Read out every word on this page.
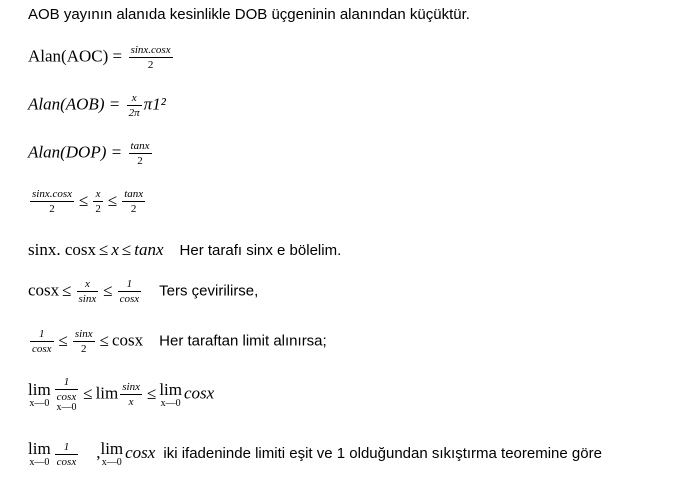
AOB yayının alanıda kesinlikle DOB üçgeninin alanından küçüktür.
Alan(AOC) = $\frac{\sin x.\cos x}{2}$
Alan(AOB) = $\frac{x}{2\pi} \pi 1^2$
Alan(DOP) = $\frac{\tan x}{2}$
$\frac{\sin x.\cos x}{2} \le \frac{x}{2} \le \frac{\tan x}{2}$
sinx. cosx ≤ x ≤ tanx Her tarafı sinx e bölelim.
$\cos x \le \frac{x}{\sin x} \le \frac{1}{\cos x}$ Ters çevirilirse,
$\frac{1}{\cos x} \le \frac{\sin x}{2} \le \cos x$ Her taraftan limit alınırsa;
lim
x—0 $\frac{1}{\cos x}$
x—0
≤ $\lim \frac{\sin x}{x} \le \lim$
x—0
cosx
lim
x—0 $\frac{1}{\cos x}$ , lim
x—0
cosx iki ifadeninde limiti eşit ve 1 olduğundan sıkıştırma teoremine göre
